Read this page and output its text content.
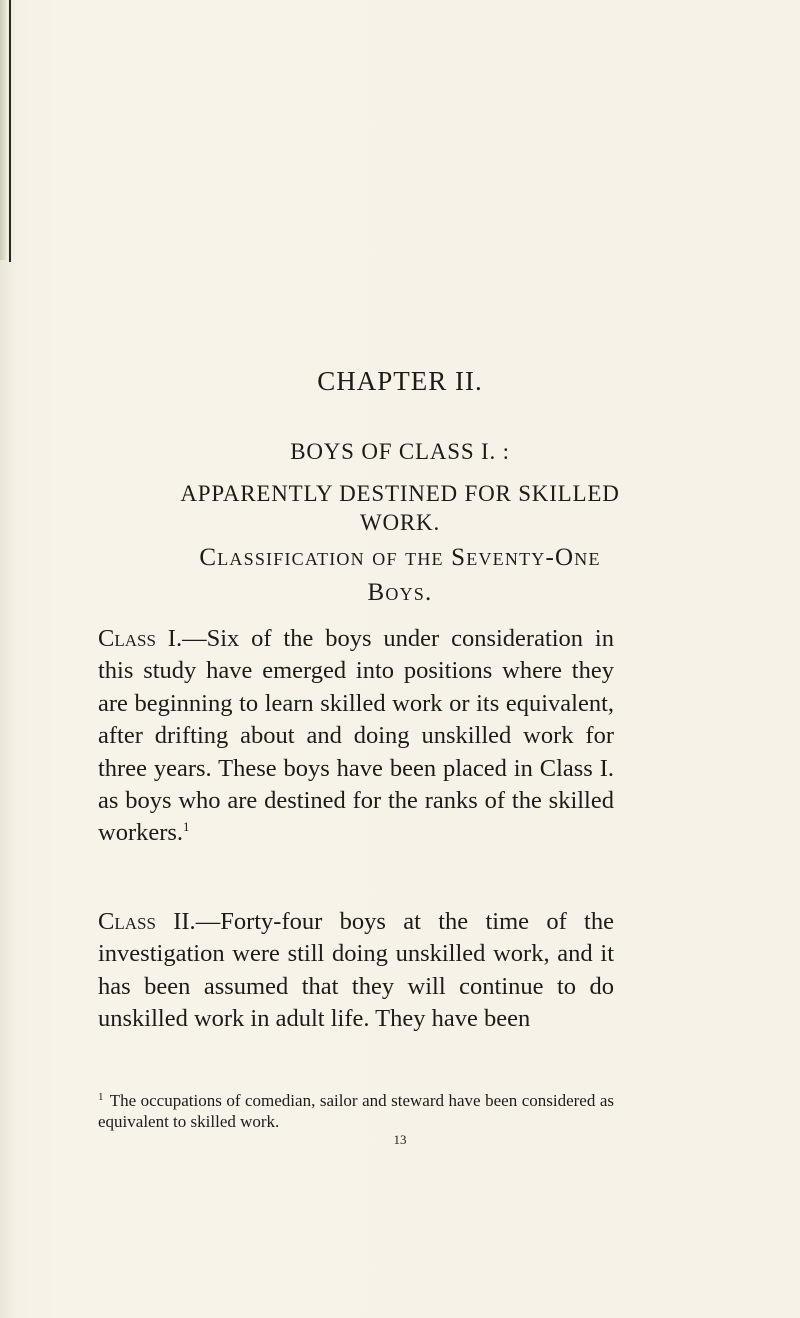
CHAPTER II.
BOYS OF CLASS I. :
APPARENTLY DESTINED FOR SKILLED WORK.
Classification of the Seventy-One Boys.
Class I.—Six of the boys under consideration in this study have emerged into positions where they are beginning to learn skilled work or its equivalent, after drifting about and doing unskilled work for three years. These boys have been placed in Class I. as boys who are destined for the ranks of the skilled workers.$^1$
Class II.—Forty-four boys at the time of the investigation were still doing unskilled work, and it has been assumed that they will continue to do unskilled work in adult life. They have been
$^1$ The occupations of comedian, sailor and steward have been considered as equivalent to skilled work.
13
